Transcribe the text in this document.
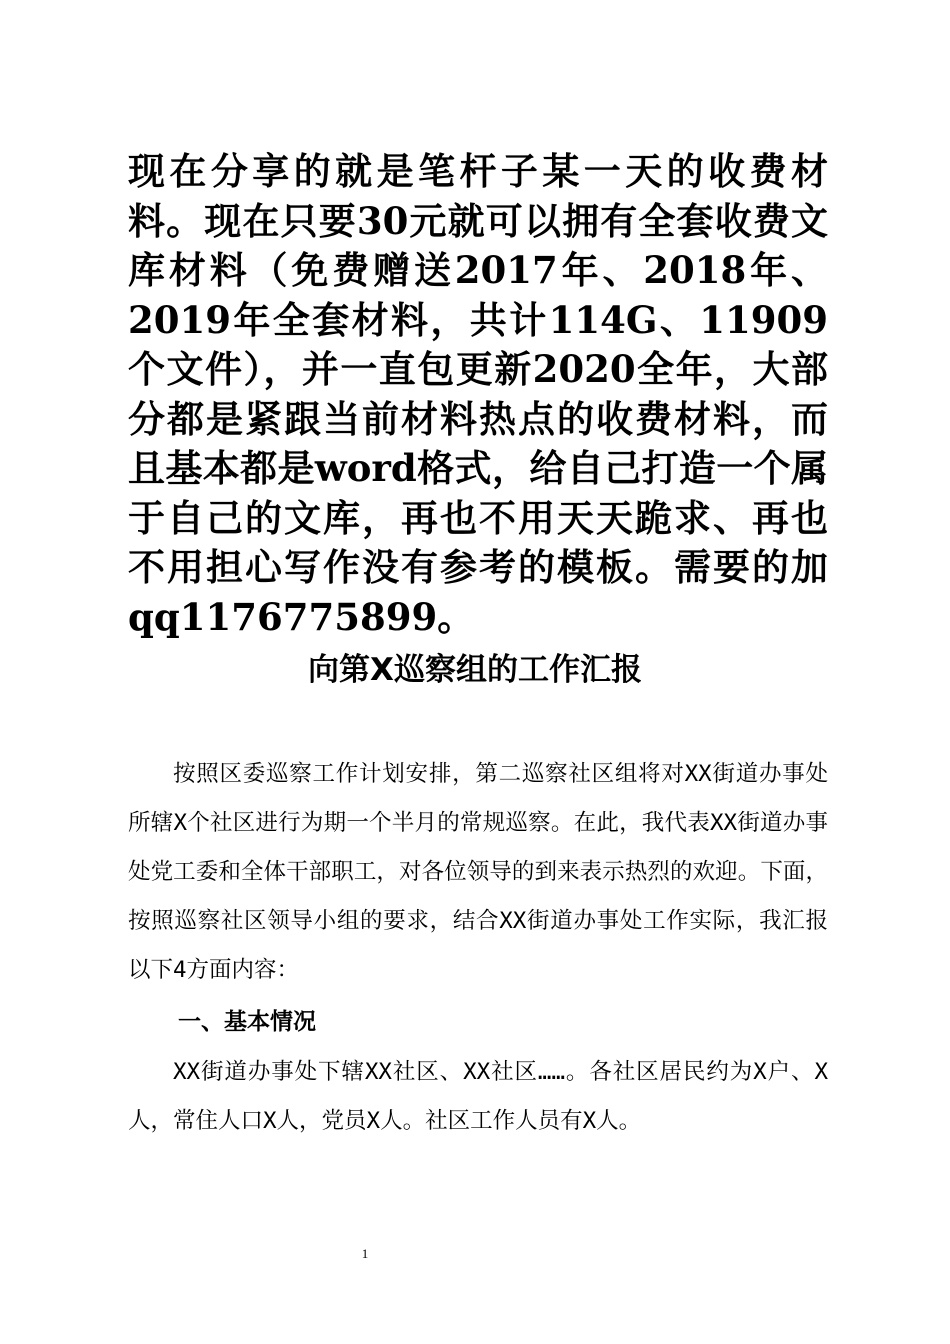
现在分享的就是笔杆子某一天的收费材料。现在只要30元就可以拥有全套收费文库材料（免费赠送2017年、2018年、2019年全套材料，共计114G、11909个文件），并一直包更新2020全年，大部分都是紧跟当前材料热点的收费材料，而且基本都是word格式，给自己打造一个属于自己的文库，再也不用天天跪求、再也不用担心写作没有参考的模板。需要的加qq1176775899。
向第X巡察组的工作汇报
按照区委巡察工作计划安排，第二巡察社区组将对XX街道办事处所辖X个社区进行为期一个半月的常规巡察。在此，我代表XX街道办事处党工委和全体干部职工，对各位领导的到来表示热烈的欢迎。下面，按照巡察社区领导小组的要求，结合XX街道办事处工作实际，我汇报以下4方面内容：
一、基本情况
XX街道办事处下辖XX社区、XX社区……。各社区居民约为X户、X人，常住人口X人，党员X人。社区工作人员有X人。
1
